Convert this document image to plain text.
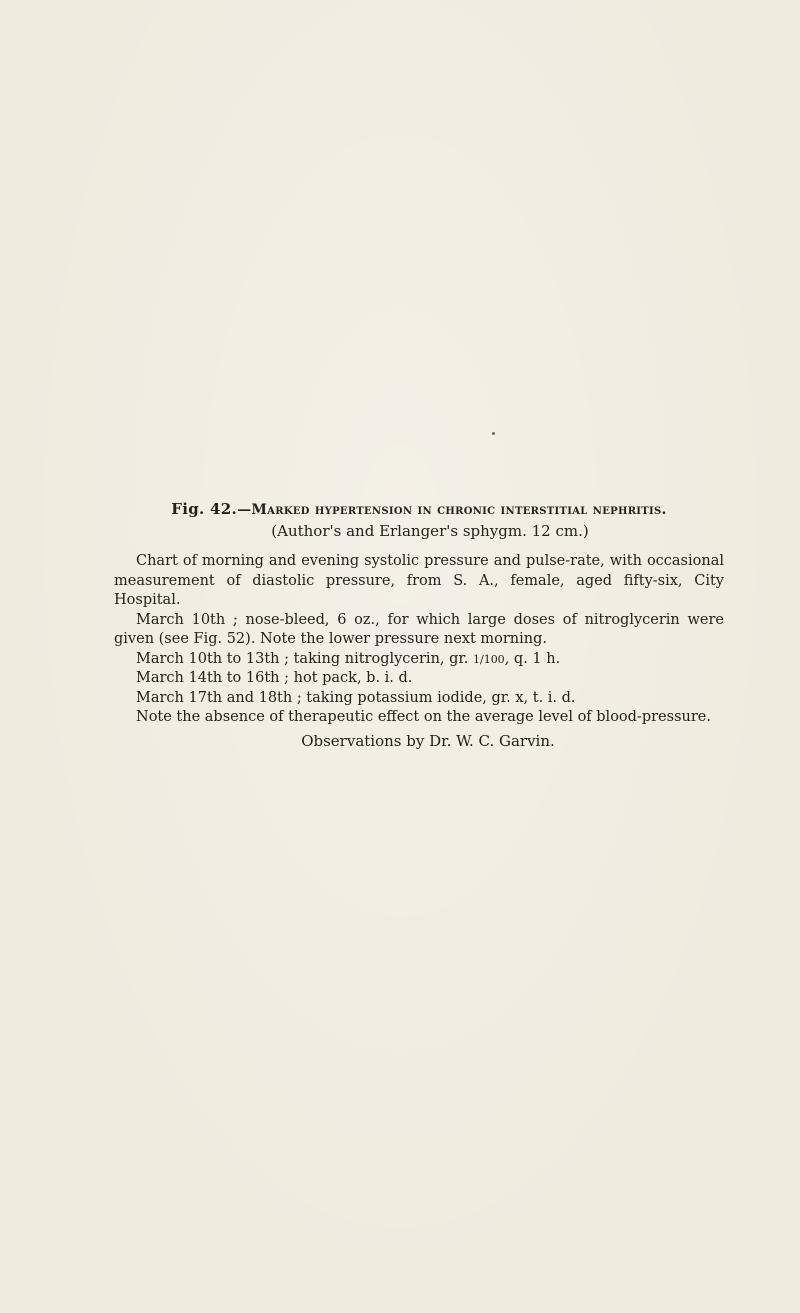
Fig. 42.—Marked hypertension in chronic interstitial nephritis.
(Author's and Erlanger's sphygm. 12 cm.)

Chart of morning and evening systolic pressure and pulse-rate, with occasional measurement of diastolic pressure, from S. A., female, aged fifty-six, City Hospital.

March 10th ; nose-bleed, 6 oz., for which large doses of nitroglycerin were given (see Fig. 52). Note the lower pressure next morning.

March 10th to 13th ; taking nitroglycerin, gr. 1/100, q. 1 h.

March 14th to 16th ; hot pack, b. i. d.

March 17th and 18th ; taking potassium iodide, gr. x, t. i. d.

Note the absence of therapeutic effect on the average level of blood-pressure.

Observations by Dr. W. C. Garvin.
